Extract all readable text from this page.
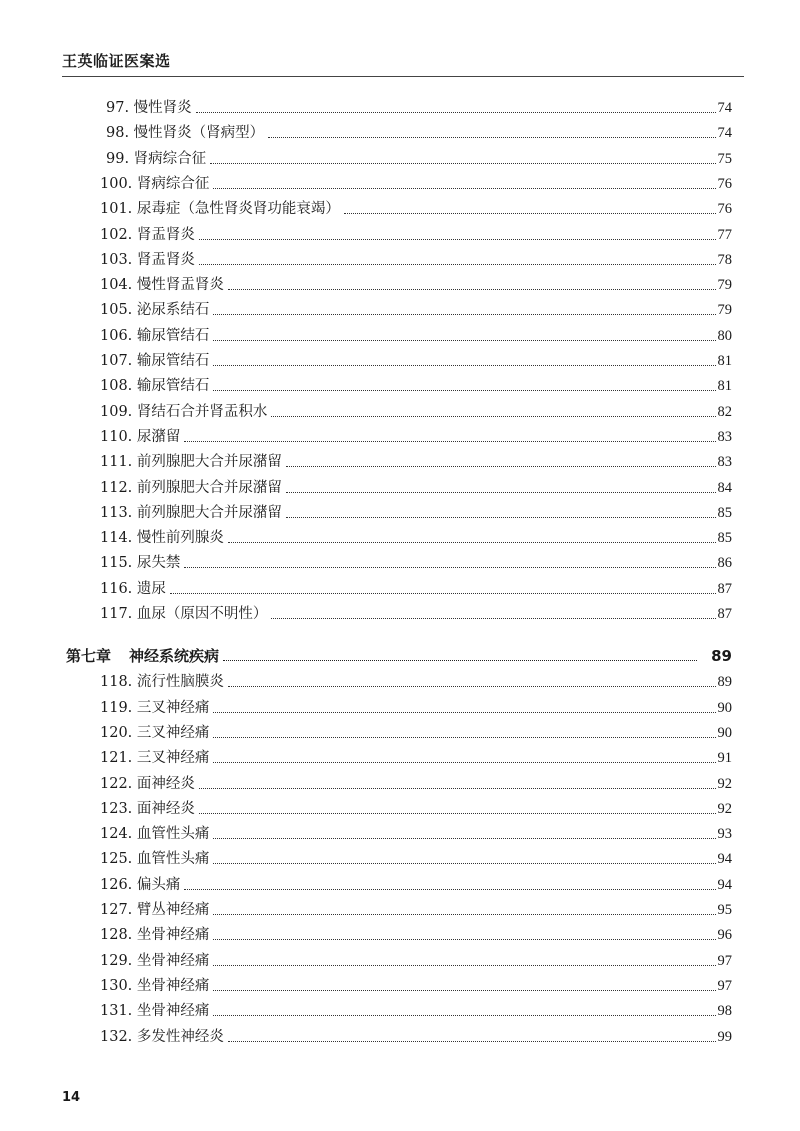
王英临证医案选
97. 慢性肾炎	74
98. 慢性肾炎（肾病型）	74
99. 肾病综合征	75
100. 肾病综合征	76
101. 尿毒症（急性肾炎肾功能衰竭）	76
102. 肾盂肾炎	77
103. 肾盂肾炎	78
104. 慢性肾盂肾炎	79
105. 泌尿系结石	79
106. 输尿管结石	80
107. 输尿管结石	81
108. 输尿管结石	81
109. 肾结石合并肾盂积水	82
110. 尿潴留	83
111. 前列腺肥大合并尿潴留	83
112. 前列腺肥大合并尿潴留	84
113. 前列腺肥大合并尿潴留	85
114. 慢性前列腺炎	85
115. 尿失禁	86
116. 遗尿	87
117. 血尿（原因不明性）	87
第七章	神经系统疾病	89
118. 流行性脑膜炎	89
119. 三叉神经痛	90
120. 三叉神经痛	90
121. 三叉神经痛	91
122. 面神经炎	92
123. 面神经炎	92
124. 血管性头痛	93
125. 血管性头痛	94
126. 偏头痛	94
127. 臂丛神经痛	95
128. 坐骨神经痛	96
129. 坐骨神经痛	97
130. 坐骨神经痛	97
131. 坐骨神经痛	98
132. 多发性神经炎	99
14
